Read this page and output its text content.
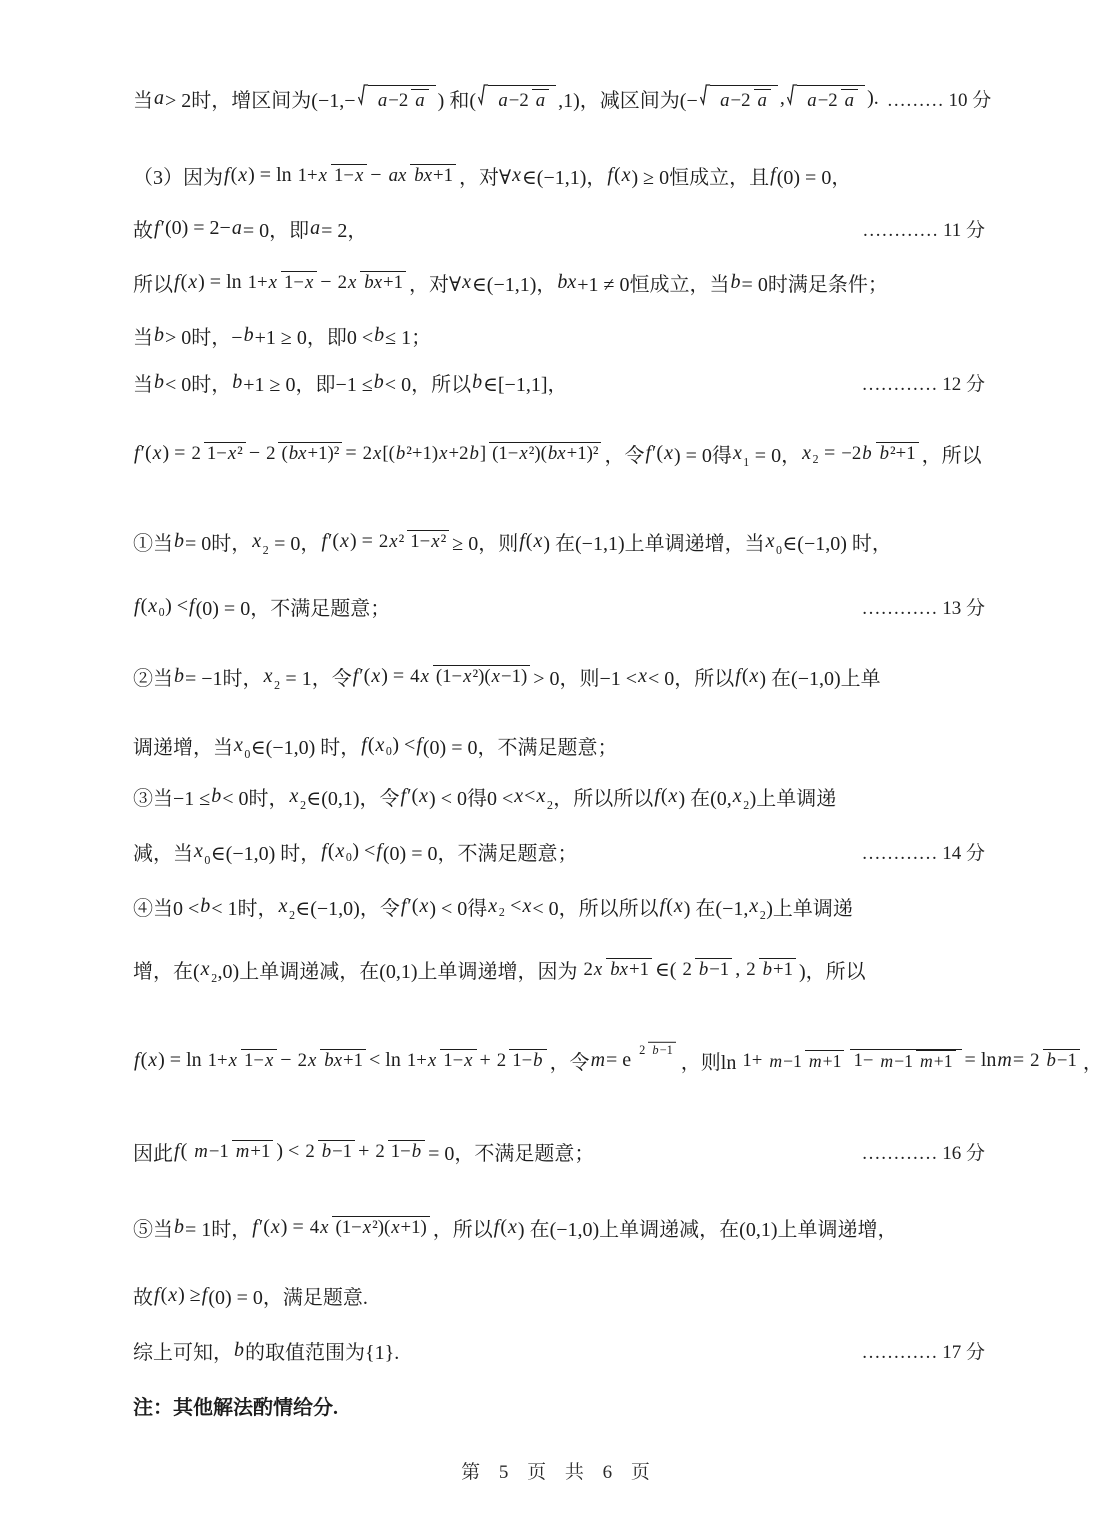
当 a > 2时，增区间为(−1,− a −2 a ) 和( a −2 a ,1)，减区间为(− a −2 a , a −2 a ). ……… 10 分
（3）因为 f ( x ) = ln 1+ x 1− x − ax bx +1 ，对∀ x ∈(−1,1)， f ( x ) ≥ 0恒成立，且 f (0) = 0，
故 f ′(0) = 2− a = 0，即 a = 2，	………… 11 分
所以 f ( x ) = ln 1+ x 1− x − 2 x bx +1 ，对∀ x ∈(−1,1)， bx +1 ≠ 0恒成立，当 b = 0时满足条件；
当 b > 0时，− b +1 ≥ 0，即0 < b ≤ 1；
当 b < 0时， b +1 ≥ 0，即−1 ≤ b < 0，所以 b ∈[−1,1]，	………… 12 分
f ′( x ) = 2 1− x ² − 2 ( bx +1)² = 2 x [( b ²+1) x +2 b ] (1− x ²)( bx +1)² ，令 f ′( x ) = 0得 x ₁ = 0， x ₂ = −2 b b ²+1 ，所以
①当 b = 0时， x ₂ = 0， f ′( x ) = 2 x ² 1− x ² ≥ 0，则 f ( x ) 在(−1,1)上单调递增，当 x ₀∈(−1,0) 时，
f ( x ₀) < f (0) = 0，不满足题意；	………… 13 分
②当 b = −1时， x ₂ = 1，令 f ′( x ) = 4 x (1− x ²)( x −1) > 0，则−1 < x < 0，所以 f ( x ) 在(−1,0)上单
调递增，当 x ₀∈(−1,0) 时， f ( x ₀) < f (0) = 0，不满足题意；
③当−1 ≤ b < 0时， x ₂∈(0,1)，令 f ′( x ) < 0得0 < x < x ₂，所以所以 f ( x ) 在(0, x ₂)上单调递
减，当 x ₀∈(−1,0) 时， f ( x ₀) < f (0) = 0，不满足题意；	………… 14 分
④当0 < b < 1时， x ₂∈(−1,0)，令 f ′( x ) < 0得 x ₂ < x < 0，所以所以 f ( x ) 在(−1, x ₂)上单调递
增，在( x ₂,0)上单调递减，在(0,1)上单调递增，因为 2 x bx +1 ∈( 2 b −1 , 2 b +1 )，所以
f ( x ) = ln 1+ x 1− x − 2 x bx +1 < ln 1+ x 1− x + 2 1− b ，令 m = e 2 b −1
，则ln 1+ m −1 m +1 1− m −1 m +1 = ln m = 2 b −1 ，
因此 f ( m −1 m +1 ) < 2 b −1 + 2 1− b = 0，不满足题意；	………… 16 分
⑤当 b = 1时， f ′( x ) = 4 x (1− x ²)( x +1) ，所以 f ( x ) 在(−1,0)上单调递减，在(0,1)上单调递增，
故 f ( x ) ≥ f (0) = 0，满足题意.
综上可知， b 的取值范围为{1}.	………… 17 分
注：其他解法酌情给分.
第 5 页 共 6 页
